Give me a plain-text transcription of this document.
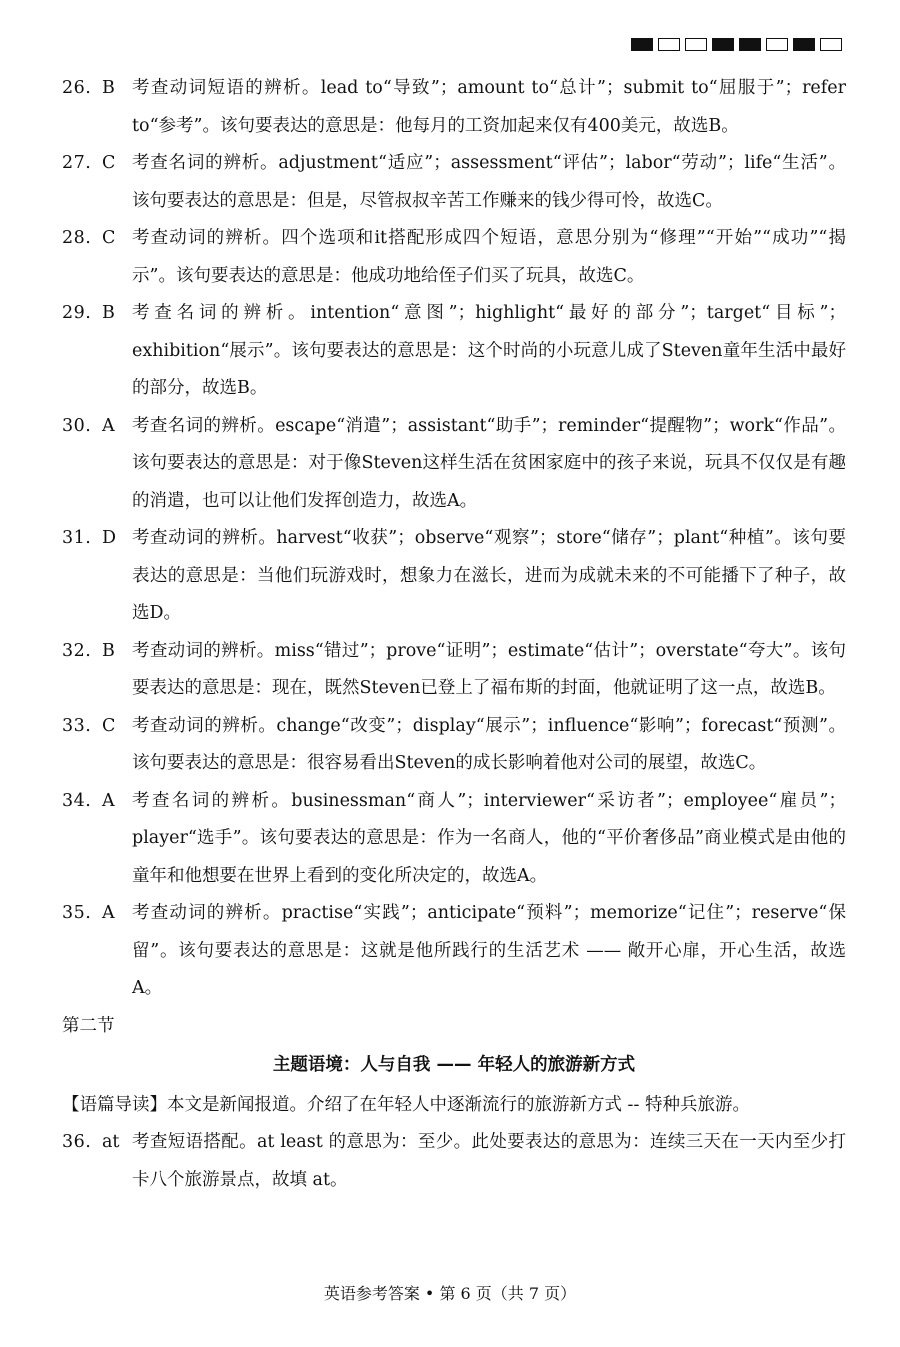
26. B 考查动词短语的辨析。lead to“导致”；amount to“总计”；submit to“屈服于”；refer to“参考”。该句要表达的意思是：他每月的工资加起来仅有400美元，故选B。
27. C 考查名词的辨析。adjustment“适应”；assessment“评估”；labor“劳动”；life“生活”。该句要表达的意思是：但是，尽管叔叔辛苦工作赚来的钱少得可怜，故选C。
28. C 考查动词的辨析。四个选项和it搭配形成四个短语，意思分别为“修理”“开始”“成功”“揭示”。该句要表达的意思是：他成功地给侄子们买了玩具，故选C。
29. B 考查名词的辨析。intention“意图”；highlight“最好的部分”；target“目标”；exhibition“展示”。该句要表达的意思是：这个时尚的小玩意儿成了Steven童年生活中最好的部分，故选B。
30. A 考查名词的辨析。escape“消遣”；assistant“助手”；reminder“提醒物”；work“作品”。该句要表达的意思是：对于像Steven这样生活在贫困家庭中的孩子来说，玩具不仅仅是有趣的消遣，也可以让他们发挥创造力，故选A。
31. D 考查动词的辨析。harvest“收获”；observe“观察”；store“储存”；plant“种植”。该句要表达的意思是：当他们玩游戏时，想象力在滋长，进而为成就未来的不可能播下了种子，故选D。
32. B 考查动词的辨析。miss“错过”；prove“证明”；estimate“估计”；overstate“夸大”。该句要表达的意思是：现在，既然Steven已登上了福布斯的封面，他就证明了这一点，故选B。
33. C 考查动词的辨析。change“改变”；display“展示”；influence“影响”；forecast“预测”。该句要表达的意思是：很容易看出Steven的成长影响着他对公司的展望，故选C。
34. A 考查名词的辨析。businessman“商人”；interviewer“采访者”；employee“雇员”；player“选手”。该句要表达的意思是：作为一名商人，他的“平价奢侈品”商业模式是由他的童年和他想要在世界上看到的变化所决定的，故选A。
35. A 考查动词的辨析。practise“实践”；anticipate“预料”；memorize“记住”；reserve“保留”。该句要表达的意思是：这就是他所践行的生活艺术 —— 敞开心扉，开心生活，故选A。
第二节
主题语境：人与自我 —— 年轻人的旅游新方式
【语篇导读】本文是新闻报道。介绍了在年轻人中逐渐流行的旅游新方式 -- 特种兵旅游。
36. at 考查短语搭配。at least 的意思为：至少。此处要表达的意思为：连续三天在一天内至少打卡八个旅游景点，故填 at。
英语参考答案 • 第 6 页（共 7 页）
